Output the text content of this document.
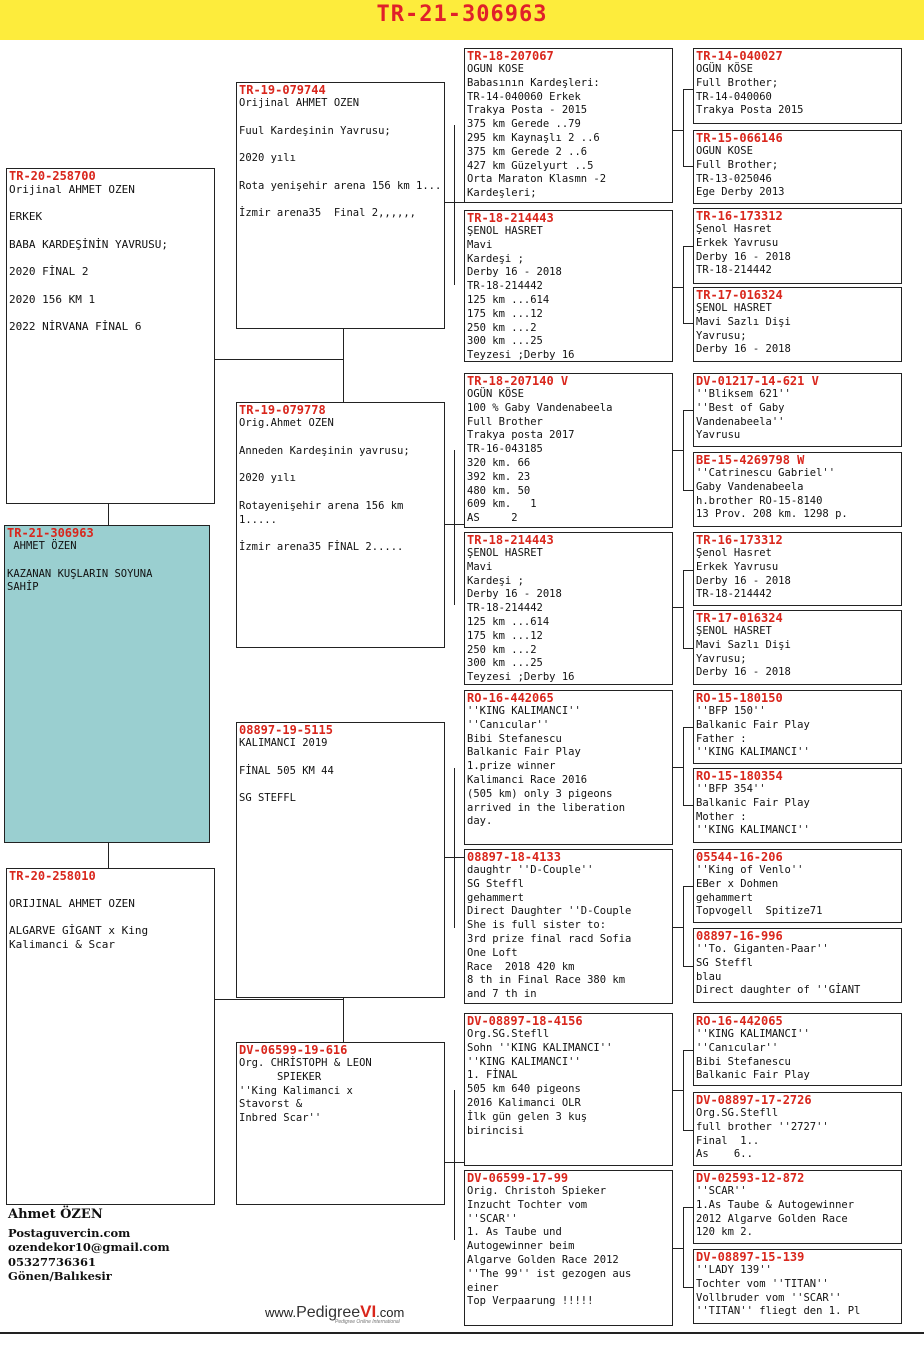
TR-21-306963
TR-21-306963
AHMET ÖZEN
KAZANAN KUŞLARIN SOYUNA
SAHİP
TR-20-258700
Orijinal AHMET OZEN
ERKEK
BABA KARDEŞİNİN YAVRUSU;
2020 FİNAL 2
2020 156 KM 1
2022 NİRVANA FİNAL 6
TR-20-258010
ORIJINAL AHMET OZEN
ALGARVE GİGANT x King
Kalimanci & Scar
TR-19-079744
Orijinal AHMET OZEN
Fuul Kardeşinin Yavrusu;
2020 yılı
Rota yenişehir arena 156 km 1...
İzmir arena35  Final 2,,,,,,
TR-19-079778
Orig.Ahmet OZEN
Anneden Kardeşinin yavrusu;
2020 yılı
Rotayenişehir arena 156 km 1.....
İzmir arena35 FİNAL 2.....
08897-19-5115
KALIMANCI 2019
FİNAL 505 KM 44
SG STEFFL
DV-06599-19-616
Org. CHRİSTOPH & LEON
SPIEKER
''King Kalimanci x
Stavorst &
Inbred Scar''
TR-18-207067
OGUN KOSE
Babasının Kardeşleri:
TR-14-040060 Erkek
Trakya Posta - 2015
375 km Gerede ..79
295 km Kaynaşlı 2 ..6
375 km Gerede 2 ..6
427 km Güzelyurt ..5
Orta Maraton Klasmn -2
Kardeşleri;
TR-18-214443
ŞENOL HASRET
Mavi
Kardeşi ;
Derby 16 - 2018
TR-18-214442
125 km ...614
175 km ...12
250 km ...2
300 km ...25
Teyzesi ;Derby 16
TR-18-207140 V
OGÜN KÖSE
100 % Gaby Vandenabeela
Full Brother
Trakya posta 2017
TR-16-043185
320 km. 66
392 km. 23
480 km. 50
609 km.   1
AS     2
TR-18-214443
ŞENOL HASRET
Mavi
Kardeşi ;
Derby 16 - 2018
TR-18-214442
125 km ...614
175 km ...12
250 km ...2
300 km ...25
Teyzesi ;Derby 16
RO-16-442065
''KING KALIMANCI''
''Canıcular''
Bibi Stefanescu
Balkanic Fair Play
1.prize winner
Kalimanci Race 2016
(505 km) only 3 pigeons
arrived in the liberation
day.
08897-18-4133
daughtr ''D-Couple''
SG Steffl
gehammert
Direct Daughter ''D-Couple
She is full sister to:
3rd prize final racd Sofia
One Loft
Race  2018 420 km
8 th in Final Race 380 km
and 7 th in
DV-08897-18-4156
Org.SG.Stefll
Sohn ''KING KALIMANCI''
''KING KALIMANCI''
1. FİNAL
505 km 640 pigeons
2016 Kalimanci OLR
İlk gün gelen 3 kuş
birincisi
DV-06599-17-99
Orig. Christoh Spieker
Inzucht Tochter vom
''SCAR''
1. As Taube und
Autogewinner beim
Algarve Golden Race 2012
''The 99'' ist gezogen aus
einer
Top Verpaarung !!!!!
TR-14-040027
OGÜN KÖSE
Full Brother;
TR-14-040060
Trakya Posta 2015
TR-15-066146
OGUN KOSE
Full Brother;
TR-13-025046
Ege Derby 2013
TR-16-173312
Şenol Hasret
Erkek Yavrusu
Derby 16 - 2018
TR-18-214442
TR-17-016324
ŞENOL HASRET
Mavi Sazlı Dişi
Yavrusu;
Derby 16 - 2018
DV-01217-14-621 V
''Bliksem 621''
''Best of Gaby
Vandenabeela''
Yavrusu
BE-15-4269798 W
''Catrinescu Gabriel''
Gaby Vandenabeela
h.brother RO-15-8140
13 Prov. 208 km. 1298 p.
TR-16-173312
Şenol Hasret
Erkek Yavrusu
Derby 16 - 2018
TR-18-214442
TR-17-016324
ŞENOL HASRET
Mavi Sazlı Dişi
Yavrusu;
Derby 16 - 2018
RO-15-180150
''BFP 150''
Balkanic Fair Play
Father :
''KING KALIMANCI''
RO-15-180354
''BFP 354''
Balkanic Fair Play
Mother :
''KING KALIMANCI''
05544-16-206
''King of Venlo''
EBer x Dohmen
gehammert
Topvogell  Spitize71
08897-16-996
''To. Giganten-Paar''
SG Steffl
blau
Direct daughter of ''GİANT
RO-16-442065
''KING KALIMANCI''
''Canıcular''
Bibi Stefanescu
Balkanic Fair Play
DV-08897-17-2726
Org.SG.Stefll
full brother ''2727''
Final  1..
As    6..
DV-02593-12-872
''SCAR''
1.As Taube & Autogewinner
2012 Algarve Golden Race
120 km 2.
DV-08897-15-139
''LADY 139''
Tochter vom ''TITAN''
Vollbruder vom ''SCAR''
''TITAN'' fliegt den 1. Pl
Ahmet ÖZEN
Postaguvercin.com
ozendekor10@gmail.com
05327736361
Gönen/Balıkesir
www.PedigreeVI.com
Pedigree Online International
